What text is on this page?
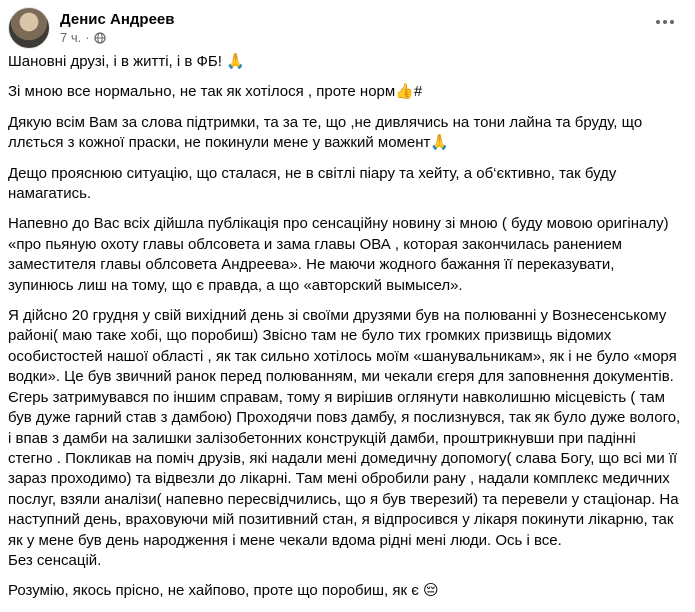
Денис Андреев
7 ч. ·

Шановні друзі, і в житті, і в ФБ! 🙏

Зі мною все нормально, не так як хотілося , проте норм👍#

Дякую всім Вам за слова підтримки, та за те, що ,не дивлячись на тони лайна та бруду, що ллється з кожної праски, не покинули мене у важкий момент🙏

Дещо прояснюю ситуацію, що сталася, не в світлі піару та хейту, а об‘єктивно, так буду намагатись.

Напевно до Вас всіх дійшла публікація про сенсаційну новину зі мною ( буду мовою оригіналу) «про пьяную охоту главы облсовета и зама главы ОВА , которая закончилась ранением заместителя главы облсовета Андреева». Не маючи жодного бажання її переказувати, зупинюсь лиш на тому, що є правда, а що «авторский вымысел».

Я дійсно 20 грудня у свій вихідний день зі своїми друзями був на полюванні у Вознесенському районі( маю таке хобі, що поробиш) Звісно там не було тих громких призвищь відомих особистостей нашої області , як так сильно хотілось моїм «шанувальникам», як і не було «моря водки». Це був звичний ранок перед полюванням, ми чекали єгеря для заповнення документів. Єгерь затримувався по іншим справам, тому я вирішив оглянути навколишню місцевість ( там був дуже гарний став з дамбою) Проходячи повз дамбу, я послизнувся, так як було дуже волого, і впав з дамби на залишки залізобетонних конструкцій дамби, проштрикнувши при падінні стегно . Покликав на поміч друзів, які надали мені домедичну допомогу( слава Богу, що всі ми її зараз проходимо) та відвезли до лікарні. Там мені обробили рану , надали комплекс медичних послуг, взяли аналізи( напевно пересвідчились, що я був тверезий) та перевели у стаціонар. На наступний день, враховуючи мій позитивний стан, я відпросився у лікаря покинути лікарню, так як у мене був день народження і мене чекали вдома рідні мені люди. Ось і все.

Без сенсацій.

Розумію, якось прісно, не хайпово, проте що поробиш, як є 😔
